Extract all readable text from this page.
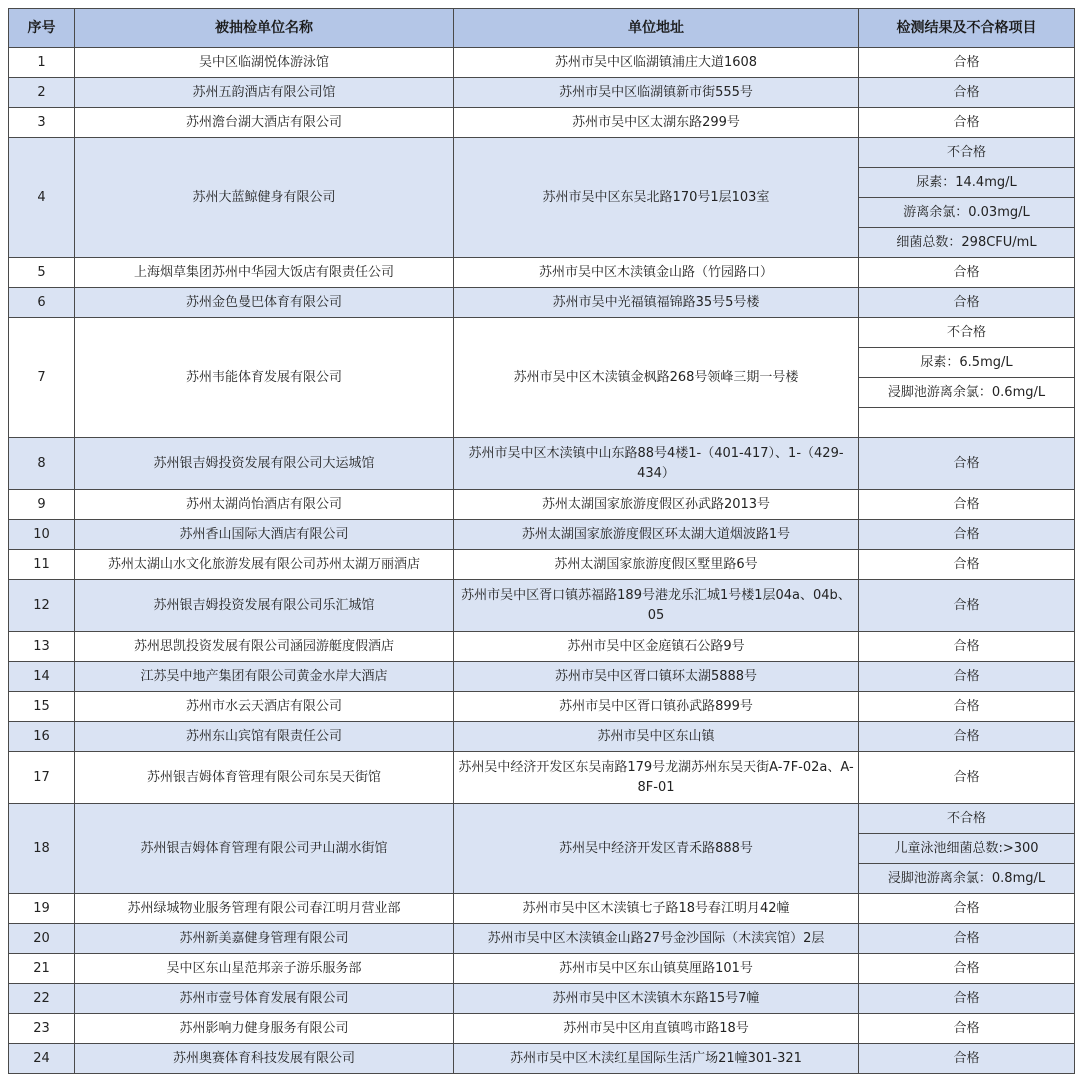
序号	被抽检单位名称	单位地址	检测结果及不合格项目
1	吴中区临湖悦体游泳馆	苏州市吴中区临湖镇浦庄大道1608	合格
2	苏州五韵酒店有限公司馆	苏州市吴中区临湖镇新市街555号	合格
3	苏州澹台湖大酒店有限公司	苏州市吴中区太湖东路299号	合格
4	苏州大蓝鲸健身有限公司	苏州市吴中区东吴北路170号1层103室	不合格
			尿素：14.4mg/L
			游离余氯：0.03mg/L
			细菌总数：298CFU/mL
5	上海烟草集团苏州中华园大饭店有限责任公司	苏州市吴中区木渎镇金山路（竹园路口）	合格
6	苏州金色曼巴体育有限公司	苏州市吴中光福镇福锦路35号5号楼	合格
7	苏州韦能体育发展有限公司	苏州市吴中区木渎镇金枫路268号领峰三期一号楼	不合格
			尿素：6.5mg/L
			浸脚池游离余氯：0.6mg/L

8	苏州银吉姆投资发展有限公司大运城馆	苏州市吴中区木渎镇中山东路88号4楼1-（401-417）、1-（429-434）	合格
9	苏州太湖尚怡酒店有限公司	苏州太湖国家旅游度假区孙武路2013号	合格
10	苏州香山国际大酒店有限公司	苏州太湖国家旅游度假区环太湖大道烟波路1号	合格
11	苏州太湖山水文化旅游发展有限公司苏州太湖万丽酒店	苏州太湖国家旅游度假区墅里路6号	合格
12	苏州银吉姆投资发展有限公司乐汇城馆	苏州市吴中区胥口镇苏福路189号港龙乐汇城1号楼1层04a、04b、05	合格
13	苏州思凯投资发展有限公司涵园游艇度假酒店	苏州市吴中区金庭镇石公路9号	合格
14	江苏吴中地产集团有限公司黄金水岸大酒店	苏州市吴中区胥口镇环太湖5888号	合格
15	苏州市水云天酒店有限公司	苏州市吴中区胥口镇孙武路899号	合格
16	苏州东山宾馆有限责任公司	苏州市吴中区东山镇	合格
17	苏州银吉姆体育管理有限公司东吴天街馆	苏州吴中经济开发区东吴南路179号龙湖苏州东吴天街A-7F-02a、A-8F-01	合格
18	苏州银吉姆体育管理有限公司尹山湖水街馆	苏州吴中经济开发区青禾路888号	不合格
			儿童泳池细菌总数:>300
			浸脚池游离余氯：0.8mg/L
19	苏州绿城物业服务管理有限公司春江明月营业部	苏州市吴中区木渎镇七子路18号春江明月42幢	合格
20	苏州新美嘉健身管理有限公司	苏州市吴中区木渎镇金山路27号金沙国际（木渎宾馆）2层	合格
21	吴中区东山星范邦亲子游乐服务部	苏州市吴中区东山镇莫厘路101号	合格
22	苏州市壹号体育发展有限公司	苏州市吴中区木渎镇木东路15号7幢	合格
23	苏州影响力健身服务有限公司	苏州市吴中区甪直镇鸣市路18号	合格
24	苏州奥赛体育科技发展有限公司	苏州市吴中区木渎红星国际生活广场21幢301-321	合格
